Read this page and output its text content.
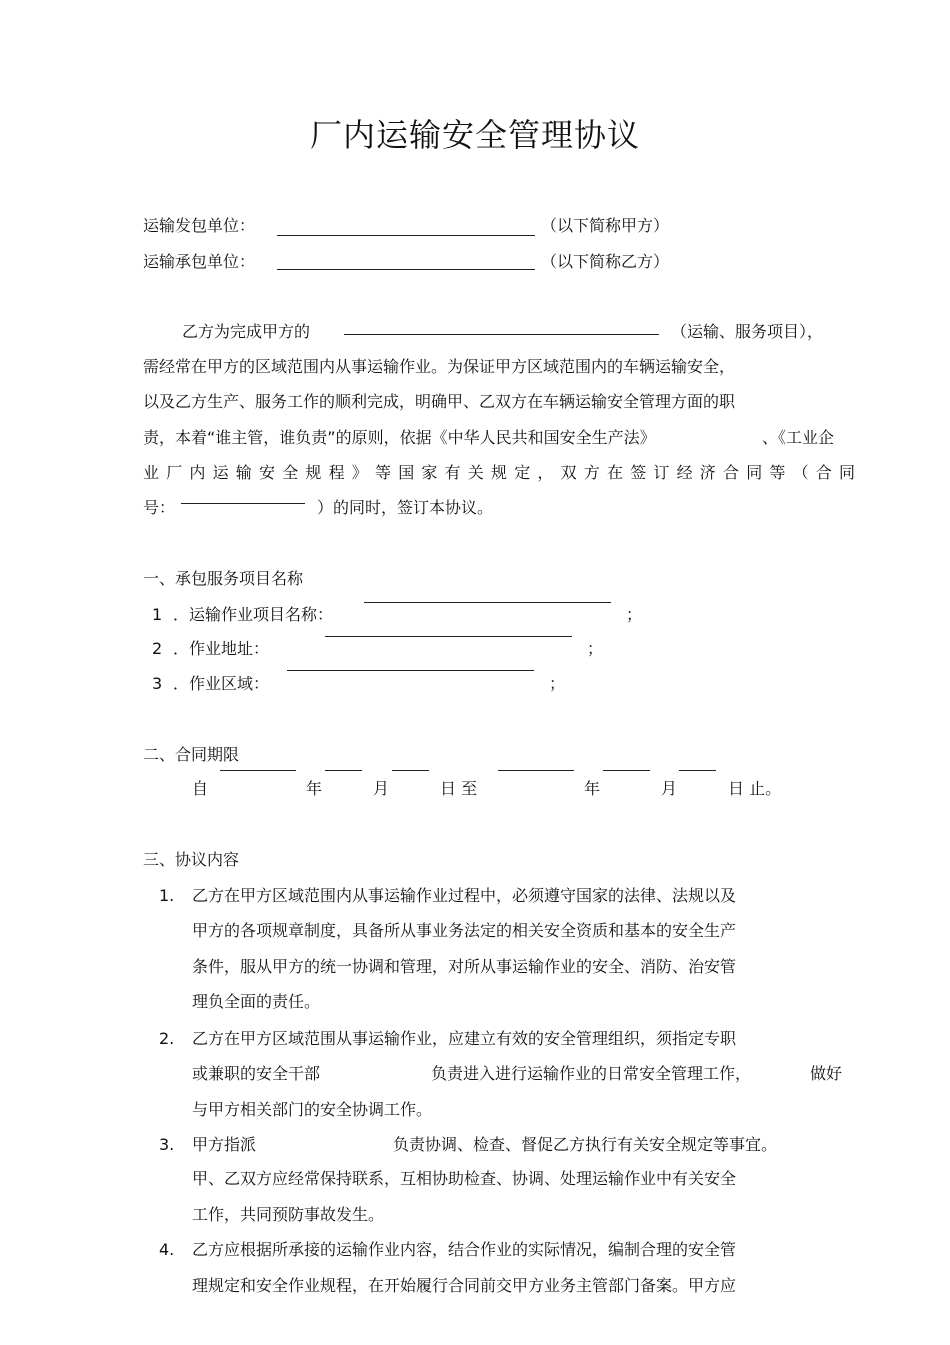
厂内运输安全管理协议
运输发包单位：	（以下简称甲方）
运输承包单位：	（以下简称乙方）
乙方为完成甲方的	（运输、服务项目），
需经常在甲方的区域范围内从事运输作业。为保证甲方区域范围内的车辆运输安全，
以及乙方生产、服务工作的顺利完成，明确甲、乙双方在车辆运输安全管理方面的职
责，本着“谁主管，谁负责”的原则，依据《中华人民共和国安全生产法》	、《工业企
业厂内运输安全规程》等国家有关规定，双方在签订经济合同等（合同
号：	）的同时，签订本协议。
一、承包服务项目名称
1 ．运输作业项目名称：	；
2 ．作业地址：	；
3 ．作业区域：	；
二、合同期限
自	年	月	日 至	年	月	日 止。
三、协议内容
1. 乙方在甲方区域范围内从事运输作业过程中，必须遵守国家的法律、法规以及
甲方的各项规章制度，具备所从事业务法定的相关安全资质和基本的安全生产
条件，服从甲方的统一协调和管理，对所从事运输作业的安全、消防、治安管
理负全面的责任。
2. 乙方在甲方区域范围从事运输作业，应建立有效的安全管理组织，须指定专职
或兼职的安全干部	负责进入进行运输作业的日常安全管理工作，	做好
与甲方相关部门的安全协调工作。
3. 甲方指派	负责协调、检查、督促乙方执行有关安全规定等事宜。
甲、乙双方应经常保持联系，互相协助检查、协调、处理运输作业中有关安全
工作，共同预防事故发生。
4. 乙方应根据所承接的运输作业内容，结合作业的实际情况，编制合理的安全管
理规定和安全作业规程，在开始履行合同前交甲方业务主管部门备案。甲方应
